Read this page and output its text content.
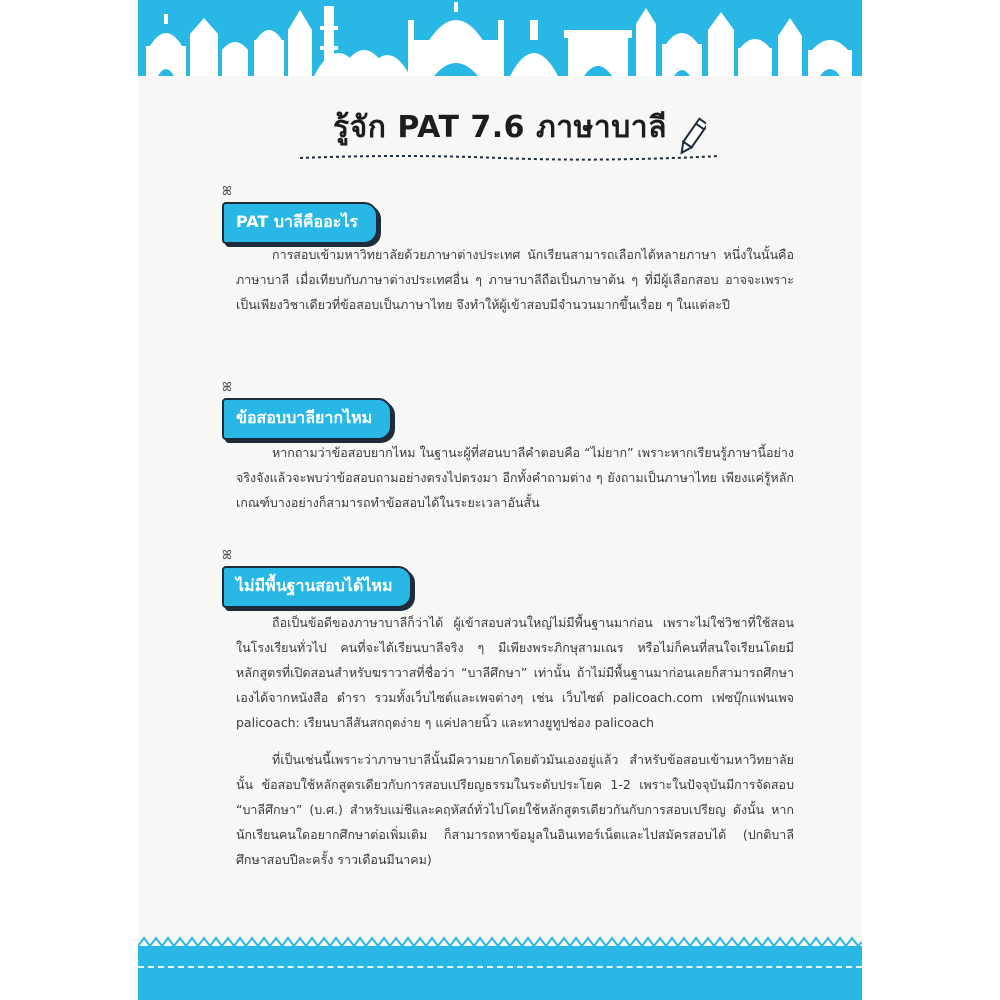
รู้จัก PAT 7.6 ภาษาบาลี
ꕤ
PAT บาลีคืออะไร

การสอบเข้ามหาวิทยาลัยด้วยภาษาต่างประเทศ นักเรียนสามารถเลือกได้หลายภาษา หนึ่งในนั้นคือภาษาบาลี เมื่อเทียบกับภาษาต่างประเทศอื่น ๆ ภาษาบาลีถือเป็นภาษาต้น ๆ ที่มีผู้เลือกสอบ อาจจะเพราะเป็นเพียงวิชาเดียวที่ข้อสอบเป็นภาษาไทย จึงทำให้ผู้เข้าสอบมีจำนวนมากขึ้นเรื่อย ๆ ในแต่ละปี

ꕤ
ข้อสอบบาลียากไหม

หากถามว่าข้อสอบยากไหม ในฐานะผู้ที่สอนบาลีคำตอบคือ “ไม่ยาก” เพราะหากเรียนรู้ภาษานี้อย่างจริงจังแล้วจะพบว่าข้อสอบถามอย่างตรงไปตรงมา อีกทั้งคำถามต่าง ๆ ยังถามเป็นภาษาไทย เพียงแค่รู้หลักเกณฑ์บางอย่างก็สามารถทำข้อสอบได้ในระยะเวลาอันสั้น

ꕤ
ไม่มีพื้นฐานสอบได้ไหม

ถือเป็นข้อดีของภาษาบาลีก็ว่าได้ ผู้เข้าสอบส่วนใหญ่ไม่มีพื้นฐานมาก่อน เพราะไม่ใช่วิชาที่ใช้สอนในโรงเรียนทั่วไป คนที่จะได้เรียนบาลีจริง ๆ มีเพียงพระภิกษุสามเณร หรือไม่ก็คนที่สนใจเรียนโดยมีหลักสูตรที่เปิดสอนสำหรับฆราวาสที่ชื่อว่า “บาลีศึกษา” เท่านั้น ถ้าไม่มีพื้นฐานมาก่อนเลยก็สามารถศึกษาเองได้จากหนังสือ ตำรา รวมทั้งเว็บไซต์และเพจต่างๆ เช่น เว็บไซต์ palicoach.com เฟซบุ๊กแฟนเพจ palicoach: เรียนบาลีสันสกฤตง่าย ๆ แค่ปลายนิ้ว และทางยูทูปช่อง palicoach

ที่เป็นเช่นนี้เพราะว่าภาษาบาลีนั้นมีความยากโดยตัวมันเองอยู่แล้ว สำหรับข้อสอบเข้ามหาวิทยาลัยนั้น ข้อสอบใช้หลักสูตรเดียวกับการสอบเปรียญธรรมในระดับประโยค 1-2 เพราะในปัจจุบันมีการจัดสอบ “บาลีศึกษา” (บ.ศ.) สำหรับแม่ชีและคฤหัสถ์ทั่วไปโดยใช้หลักสูตรเดียวกันกับการสอบเปรียญ ดังนั้น หากนักเรียนคนใดอยากศึกษาต่อเพิ่มเติม ก็สามารถหาข้อมูลในอินเทอร์เน็ตและไปสมัครสอบได้ (ปกติบาลีศึกษาสอบปีละครั้ง ราวเดือนมีนาคม)
